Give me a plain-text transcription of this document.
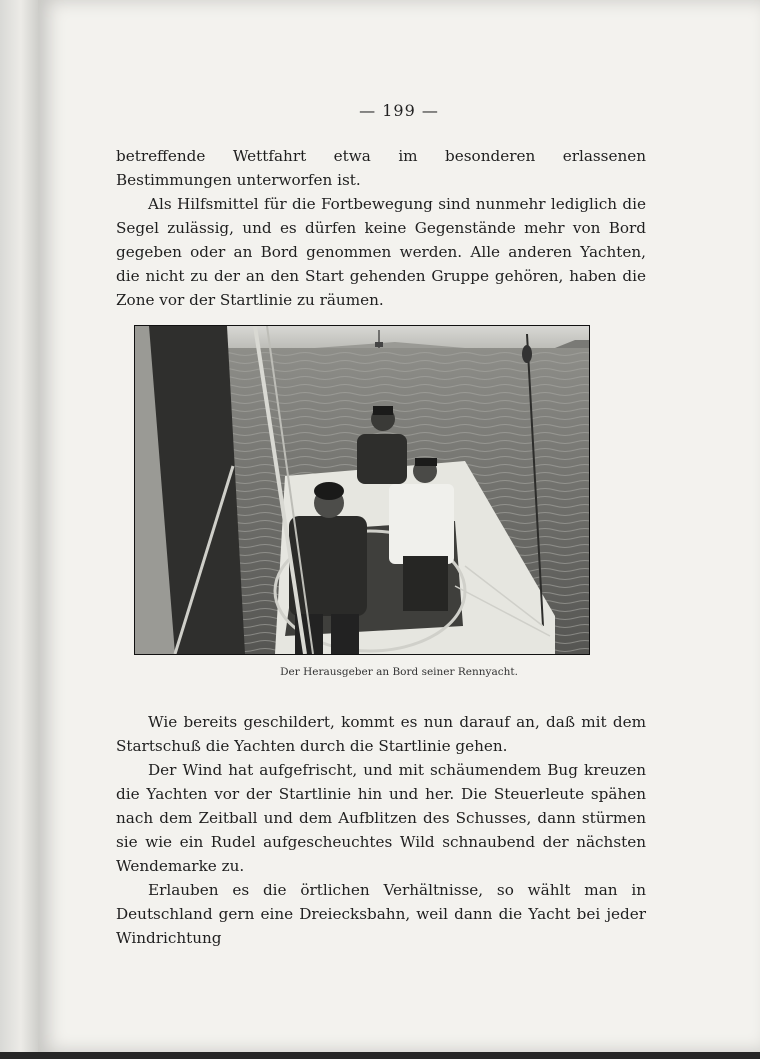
— 199 —

betreffende Wettfahrt etwa im besonderen erlassenen Bestimmungen unterworfen ist.

Als Hilfsmittel für die Fortbewegung sind nunmehr lediglich die Segel zulässig, und es dürfen keine Gegenstände mehr von Bord gegeben oder an Bord genommen werden. Alle anderen Yachten, die nicht zu der an den Start gehenden Gruppe gehören, haben die Zone vor der Startlinie zu räumen.

Der Herausgeber an Bord seiner Rennyacht.

Wie bereits geschildert, kommt es nun darauf an, daß mit dem Startschuß die Yachten durch die Startlinie gehen.

Der Wind hat aufgefrischt, und mit schäumendem Bug kreuzen die Yachten vor der Startlinie hin und her. Die Steuerleute spähen nach dem Zeitball und dem Aufblitzen des Schusses, dann stürmen sie wie ein Rudel aufgescheuchtes Wild schnaubend der nächsten Wendemarke zu.

Erlauben es die örtlichen Verhältnisse, so wählt man in Deutschland gern eine Dreiecksbahn, weil dann die Yacht bei jeder Windrichtung
